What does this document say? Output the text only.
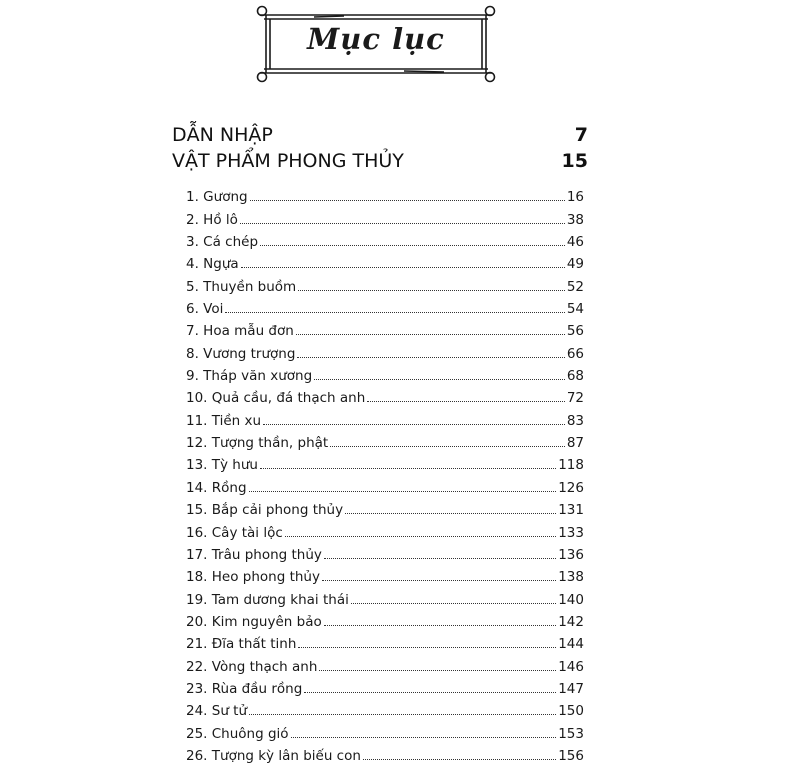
Mục lục
DẪN NHẬP	7
VẬT PHẨM PHONG THỦY	15
1. Gương	16
2. Hồ lô	38
3. Cá chép	46
4. Ngựa	49
5. Thuyền buồm	52
6. Voi	54
7. Hoa mẫu đơn	56
8. Vương trượng	66
9. Tháp văn xương	68
10. Quả cầu, đá thạch anh	72
11. Tiền xu	83
12. Tượng thần, phật	87
13. Tỳ hưu	118
14. Rồng	126
15. Bắp cải phong thủy	131
16. Cây tài lộc	133
17. Trâu phong thủy	136
18. Heo phong thủy	138
19. Tam dương khai thái	140
20. Kim nguyên bảo	142
21. Đĩa thất tinh	144
22. Vòng thạch anh	146
23. Rùa đầu rồng	147
24. Sư tử	150
25. Chuông gió	153
26. Tượng kỳ lân biếu con	156
